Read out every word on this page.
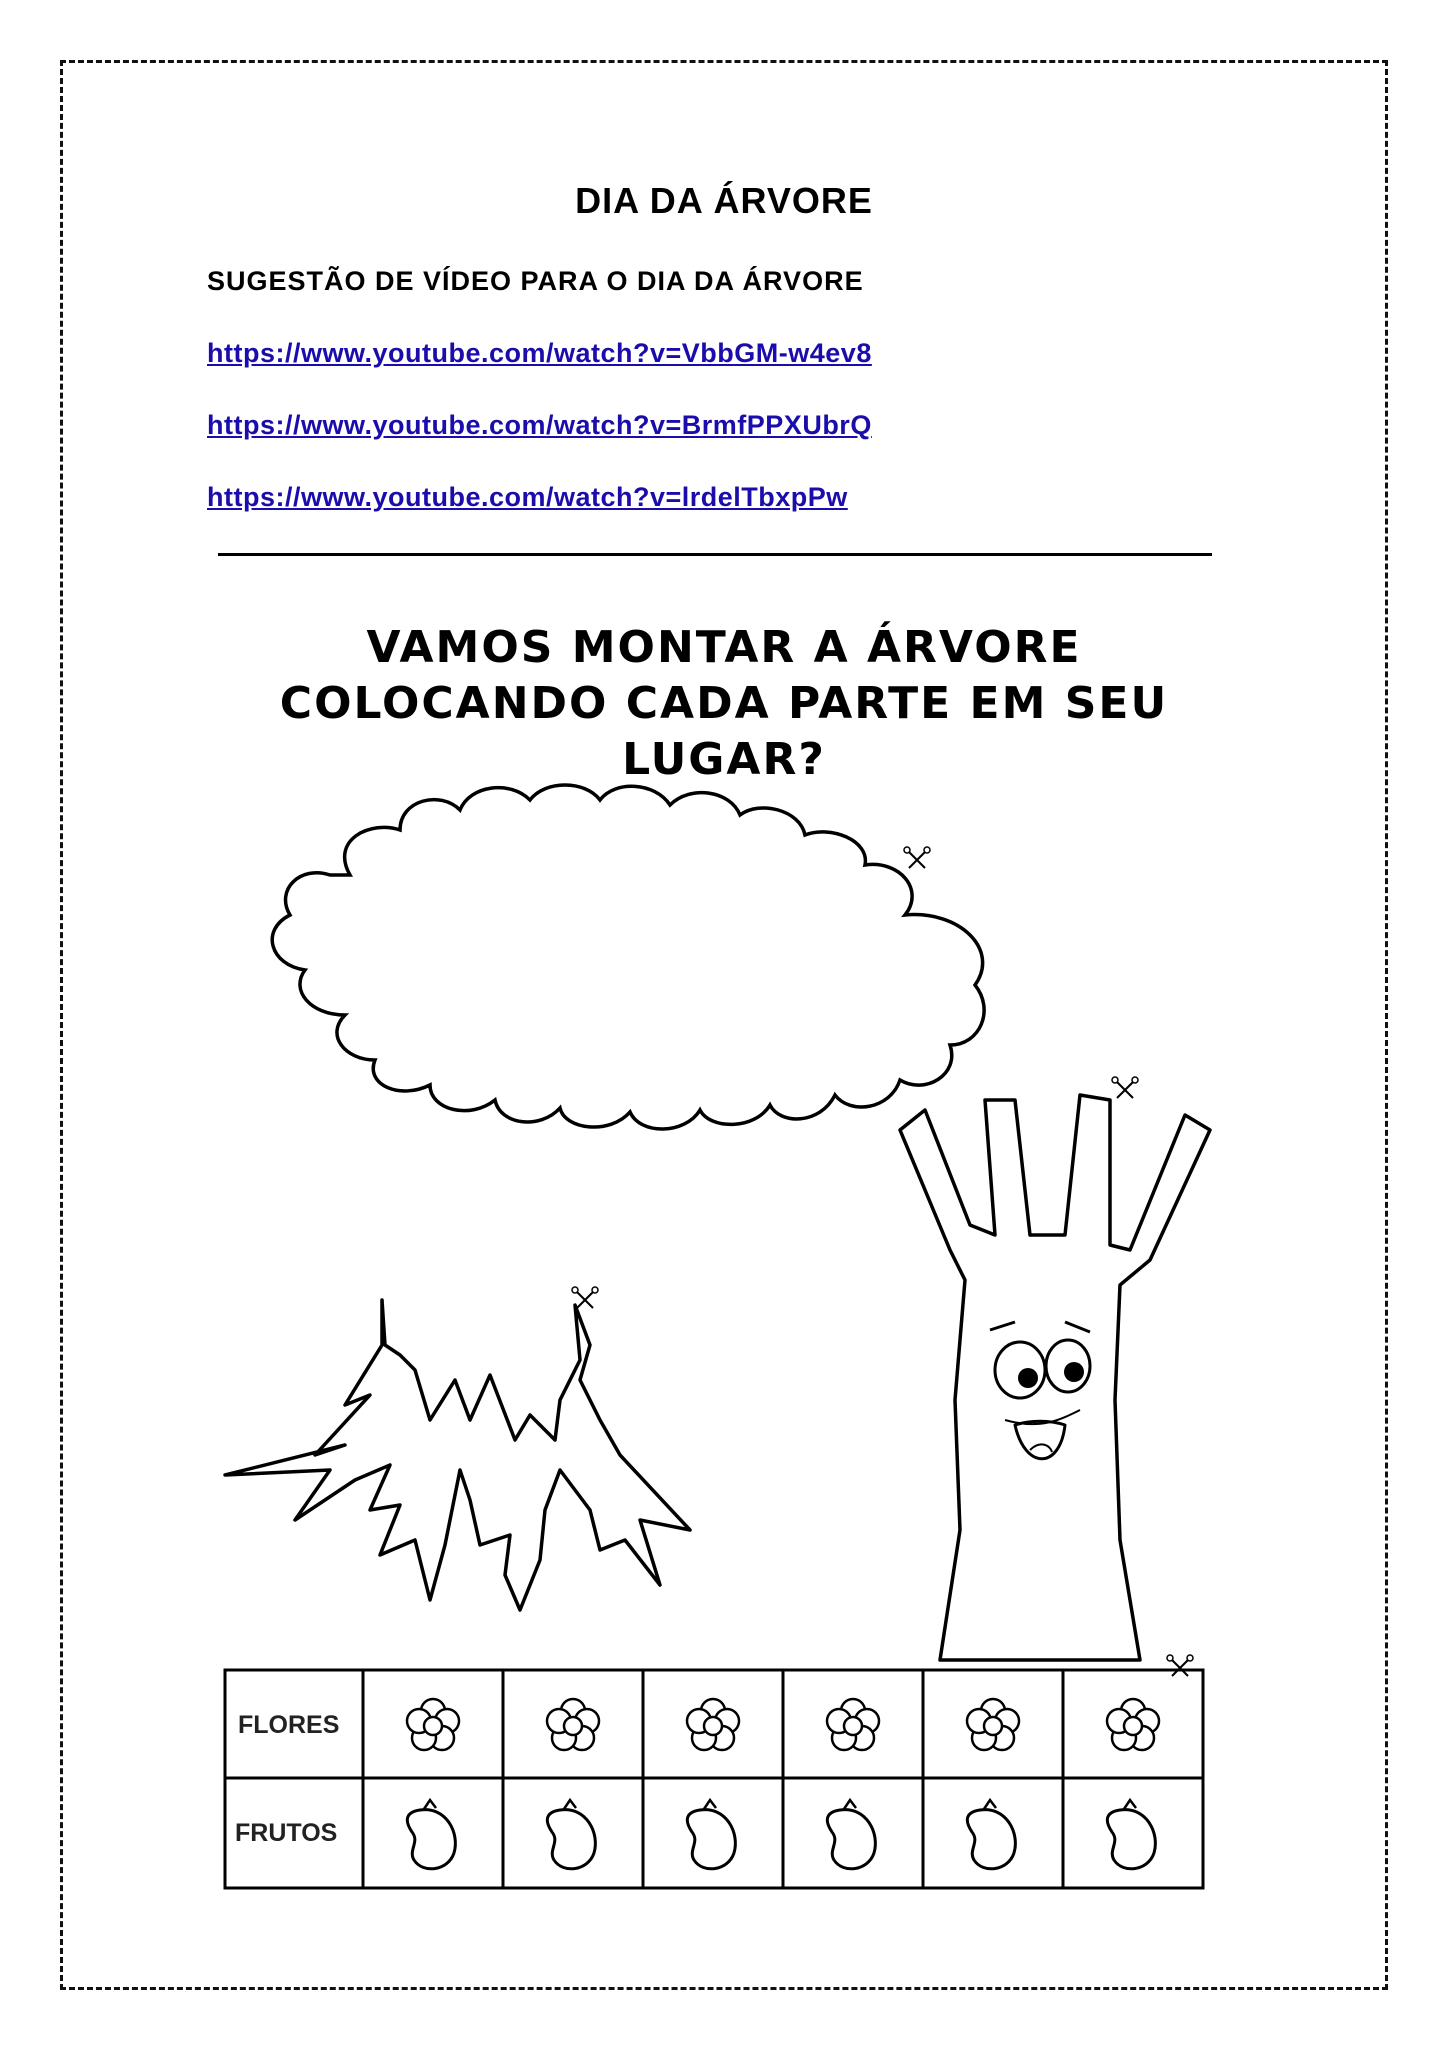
DIA DA ÁRVORE
SUGESTÃO DE VÍDEO PARA O DIA DA ÁRVORE
https://www.youtube.com/watch?v=VbbGM-w4ev8
https://www.youtube.com/watch?v=BrmfPPXUbrQ
https://www.youtube.com/watch?v=lrdelTbxpPw
VAMOS MONTAR A ÁRVORE
COLOCANDO CADA PARTE EM SEU
LUGAR?
FLORES
FRUTOS
